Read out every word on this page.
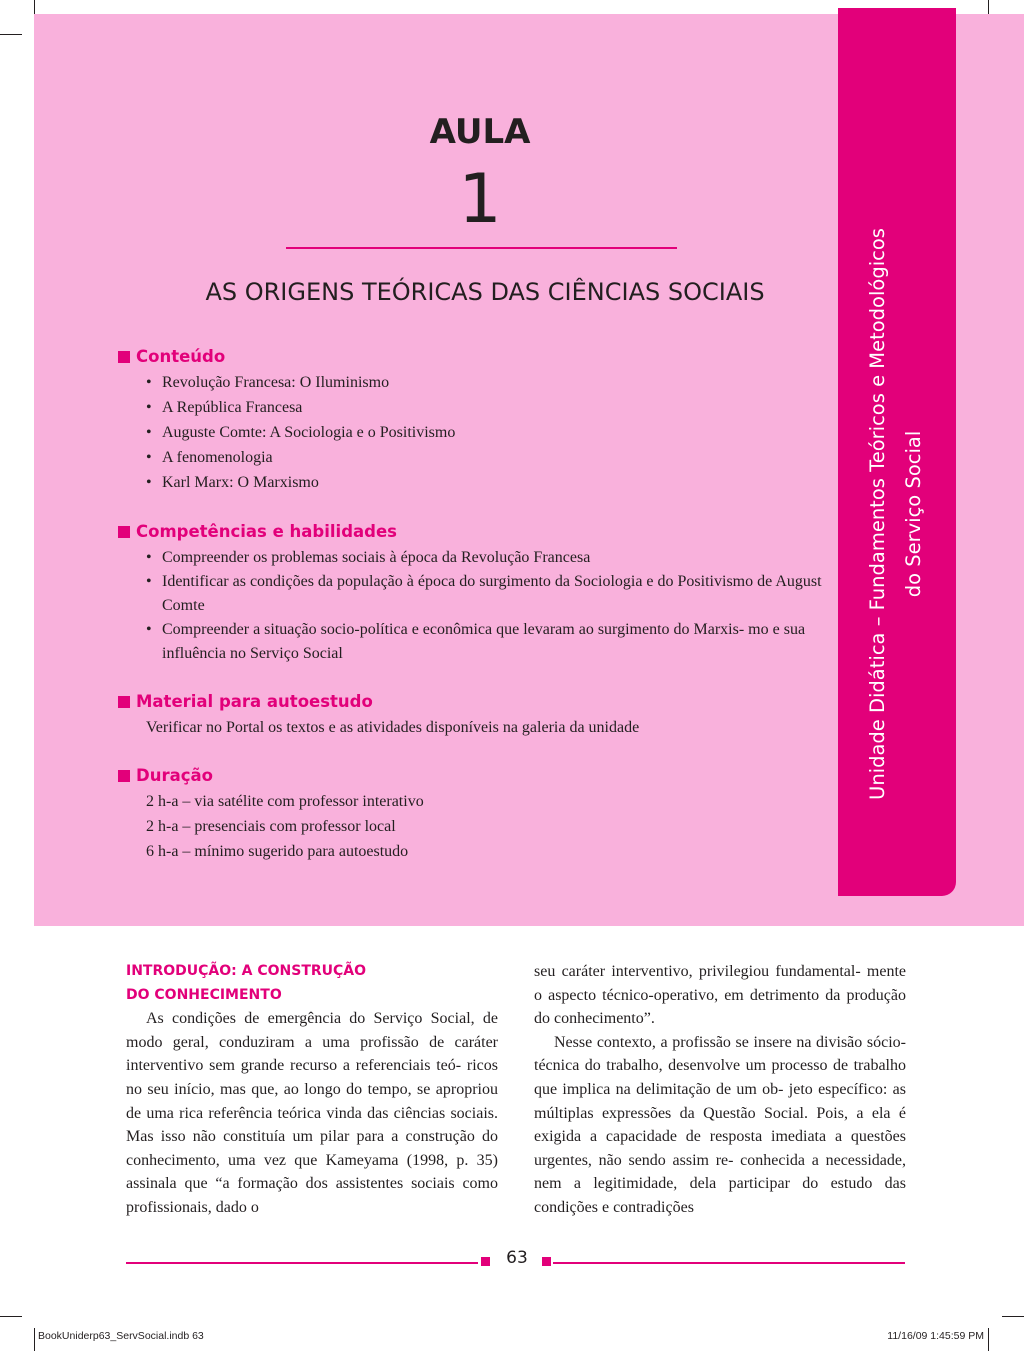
Unidade Didática – Fundamentos Teóricos e Metodológicos do Serviço Social
AULA
1
AS ORIGENS TEÓRICAS DAS CIÊNCIAS SOCIAIS
Conteúdo
• Revolução Francesa: O Iluminismo
• A República Francesa
• Auguste Comte: A Sociologia e o Positivismo
• A fenomenologia
• Karl Marx: O Marxismo
Competências e habilidades
• Compreender os problemas sociais à época da Revolução Francesa
• Identificar as condições da população à época do surgimento da Sociologia e do Positivismo de August Comte
• Compreender a situação socio-política e econômica que levaram ao surgimento do Marxis- mo e sua influência no Serviço Social
Material para autoestudo
Verificar no Portal os textos e as atividades disponíveis na galeria da unidade
Duração
2 h-a – via satélite com professor interativo
2 h-a – presenciais com professor local
6 h-a – mínimo sugerido para autoestudo
INTRODUÇÃO: A CONSTRUÇÃO
DO CONHECIMENTO

As condições de emergência do Serviço Social, de modo geral, conduziram a uma profissão de caráter interventivo sem grande recurso a referenciais teó- ricos no seu início, mas que, ao longo do tempo, se apropriou de uma rica referência teórica vinda das ciências sociais. Mas isso não constituía um pilar para a construção do conhecimento, uma vez que Kameyama (1998, p. 35) assinala que “a formação dos assistentes sociais como profissionais, dado o

seu caráter interventivo, privilegiou fundamental- mente o aspecto técnico-operativo, em detrimento da produção do conhecimento”.

Nesse contexto, a profissão se insere na divisão sócio-técnica do trabalho, desenvolve um processo de trabalho que implica na delimitação de um ob- jeto específico: as múltiplas expressões da Questão Social. Pois, a ela é exigida a capacidade de resposta imediata a questões urgentes, não sendo assim re- conhecida a necessidade, nem a legitimidade, dela participar do estudo das condições e contradições

63
BookUniderp63_ServSocial.indb 63	11/16/09 1:45:59 PM
